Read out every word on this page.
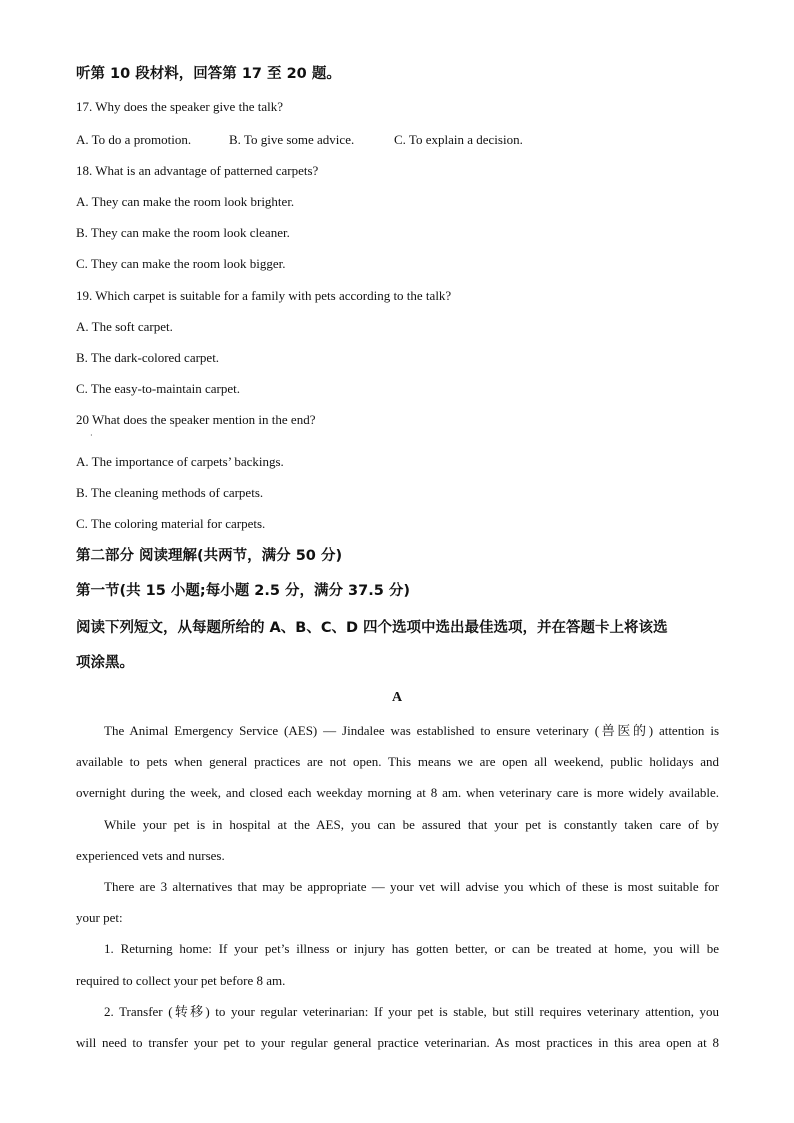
听第 10 段材料，回答第 17 至 20 题。
17. Why does the speaker give the talk?
A. To do a promotion.	B. To give some advice.	C. To explain a decision.
18. What is an advantage of patterned carpets?
A. They can make the room look brighter.
B. They can make the room look cleaner.
C. They can make the room look bigger.
19. Which carpet is suitable for a family with pets according to the talk?
A. The soft carpet.
B. The dark-colored carpet.
C. The easy-to-maintain carpet.
20 What does the speaker mention in the end?
·
A. The importance of carpets’ backings.
B. The cleaning methods of carpets.
C. The coloring material for carpets.
第二部分 阅读理解(共两节，满分 50 分)
第一节(共 15 小题;每小题 2.5 分，满分 37.5 分)
阅读下列短文，从每题所给的 A、B、C、D 四个选项中选出最佳选项，并在答题卡上将该选
项涂黑。
A
The Animal Emergency Service (AES) — Jindalee was established to ensure veterinary (兽医的) attention is
available to pets when general practices are not open. This means we are open all weekend, public holidays and
overnight during the week, and closed each weekday morning at 8 am. when veterinary care is more widely available.
While your pet is in hospital at the AES, you can be assured that your pet is constantly taken care of by
experienced vets and nurses.
There are 3 alternatives that may be appropriate — your vet will advise you which of these is most suitable for
your pet:
1. Returning home: If your pet’s illness or injury has gotten better, or can be treated at home, you will be
required to collect your pet before 8 am.
2. Transfer (转移) to your regular veterinarian: If your pet is stable, but still requires veterinary attention, you
will need to transfer your pet to your regular general practice veterinarian. As most practices in this area open at 8
